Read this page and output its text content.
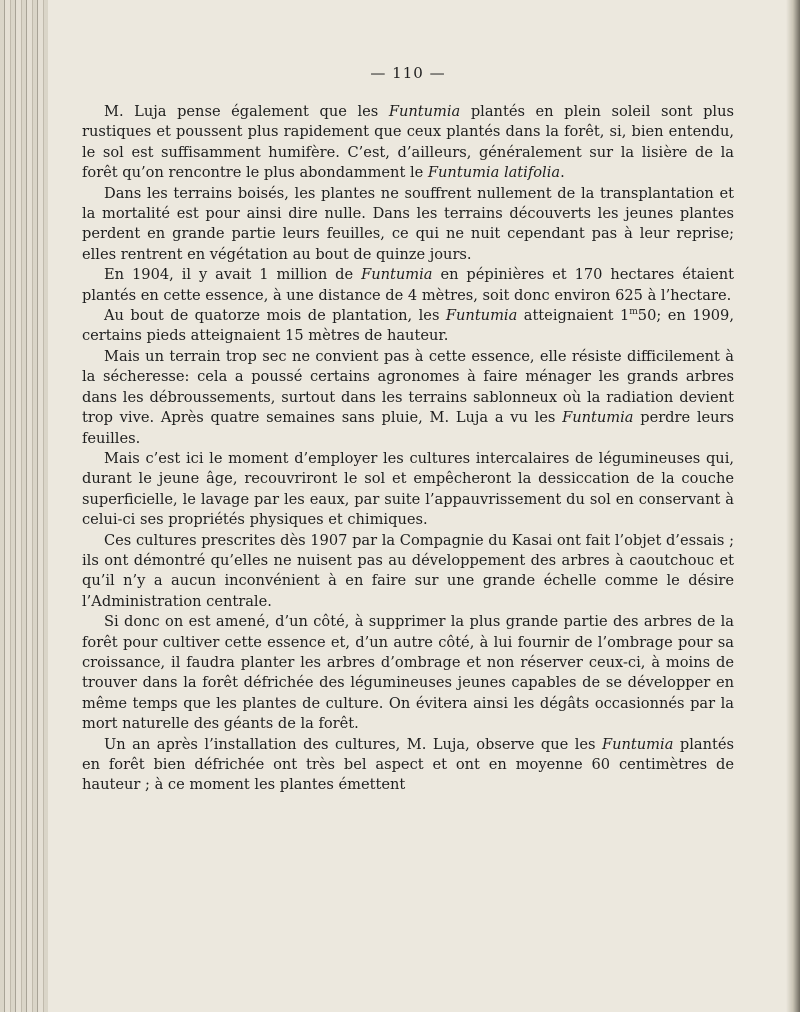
— 110 —

M. Luja pense également que les Funtumia plantés en plein soleil sont plus rustiques et poussent plus rapidement que ceux plantés dans la forêt, si, bien entendu, le sol est suffisamment humifère. C’est, d’ailleurs, généralement sur la lisière de la forêt qu’on rencontre le plus abondamment le Funtumia latifolia.

Dans les terrains boisés, les plantes ne souffrent nullement de la transplantation et la mortalité est pour ainsi dire nulle. Dans les terrains découverts les jeunes plantes perdent en grande partie leurs feuilles, ce qui ne nuit cependant pas à leur reprise; elles rentrent en végétation au bout de quinze jours.

En 1904, il y avait 1 million de Funtumia en pépinières et 170 hectares étaient plantés en cette essence, à une distance de 4 mètres, soit donc environ 625 à l’hectare.

Au bout de quatorze mois de plantation, les Funtumia atteignaient 1$^m$50; en 1909, certains pieds atteignaient 15 mètres de hauteur.

Mais un terrain trop sec ne convient pas à cette essence, elle résiste difficilement à la sécheresse: cela a poussé certains agronomes à faire ménager les grands arbres dans les débroussements, surtout dans les terrains sablonneux où la radiation devient trop vive. Après quatre semaines sans pluie, M. Luja a vu les Funtumia perdre leurs feuilles.

Mais c’est ici le moment d’employer les cultures intercalaires de légumineuses qui, durant le jeune âge, recouvriront le sol et empêcheront la dessiccation de la couche superficielle, le lavage par les eaux, par suite l’appauvrissement du sol en conservant à celui-ci ses propriétés physiques et chimiques.

Ces cultures prescrites dès 1907 par la Compagnie du Kasai ont fait l’objet d’essais ; ils ont démontré qu’elles ne nuisent pas au développement des arbres à caoutchouc et qu’il n’y a aucun inconvénient à en faire sur une grande échelle comme le désire l’Administration centrale.

Si donc on est amené, d’un côté, à supprimer la plus grande partie des arbres de la forêt pour cultiver cette essence et, d’un autre côté, à lui fournir de l’ombrage pour sa croissance, il faudra planter les arbres d’ombrage et non réserver ceux-ci, à moins de trouver dans la forêt défrichée des légumineuses jeunes capables de se développer en même temps que les plantes de culture. On évitera ainsi les dégâts occasionnés par la mort naturelle des géants de la forêt.

Un an après l’installation des cultures, M. Luja, observe que les Funtumia plantés en forêt bien défrichée ont très bel aspect et ont en moyenne 60 centimètres de hauteur ; à ce moment les plantes émettent
